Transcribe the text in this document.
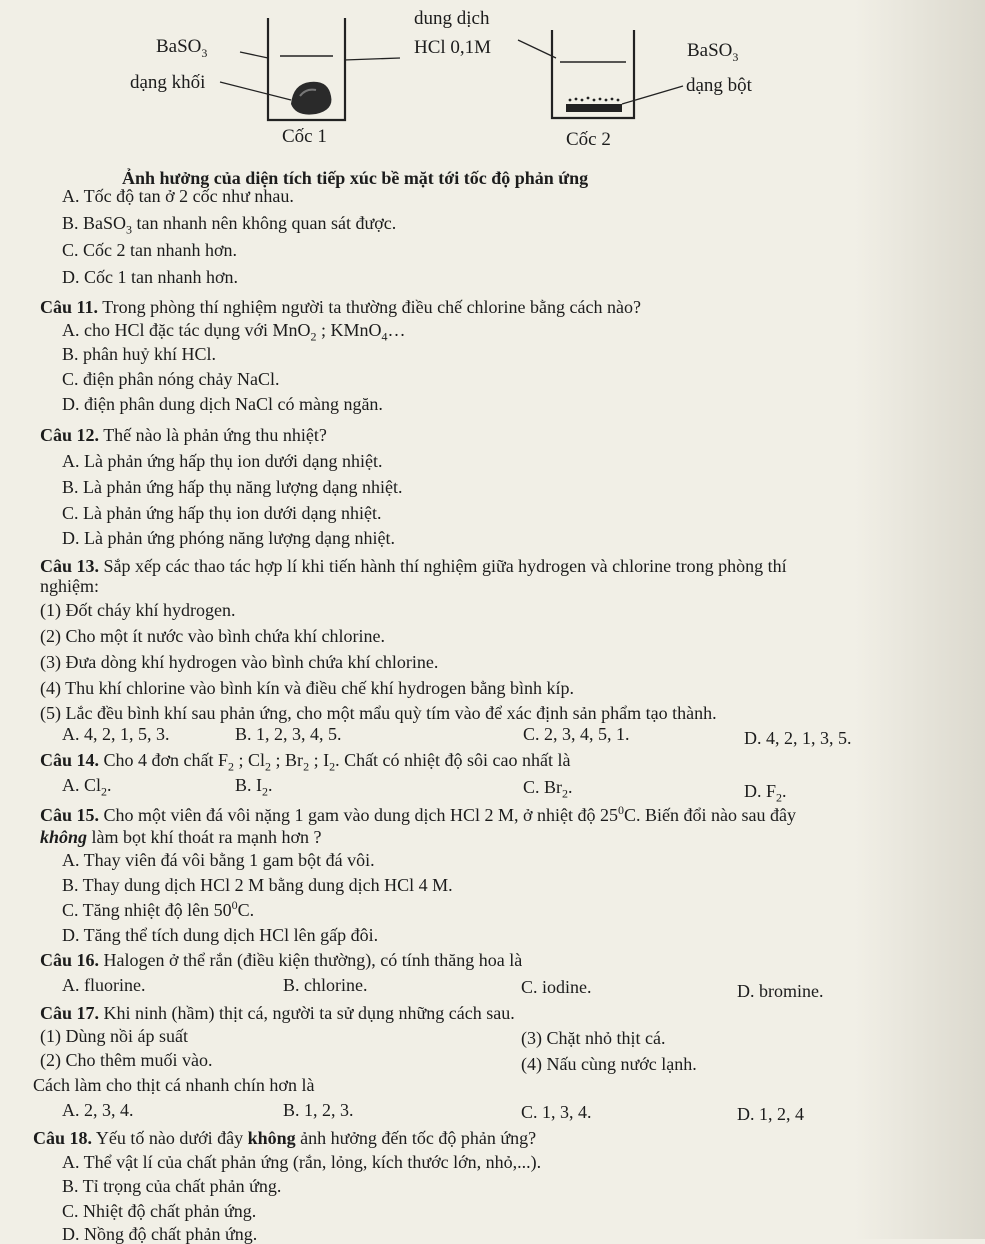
BaSO$_3$
dạng khối
Cốc 1
dung dịch
HCl 0,1M	BaSO$_3$
dạng bột
Cốc 2
Ảnh hưởng của diện tích tiếp xúc bề mặt tới tốc độ phản ứng
A. Tốc độ tan ở 2 cốc như nhau.
B. BaSO$_3$ tan nhanh nên không quan sát được.
C. Cốc 2 tan nhanh hơn.
D. Cốc 1 tan nhanh hơn.
Câu 11. Trong phòng thí nghiệm người ta thường điều chế chlorine bằng cách nào?
A. cho HCl đặc tác dụng với MnO$_2$ ; KMnO$_4$…
B. phân huỷ khí HCl.
C. điện phân nóng chảy NaCl.
D. điện phân dung dịch NaCl có màng ngăn.
Câu 12. Thế nào là phản ứng thu nhiệt?
A. Là phản ứng hấp thụ ion dưới dạng nhiệt.
B. Là phản ứng hấp thụ năng lượng dạng nhiệt.
C. Là phản ứng hấp thụ ion dưới dạng nhiệt.
D. Là phản ứng phóng năng lượng dạng nhiệt.
Câu 13. Sắp xếp các thao tác hợp lí khi tiến hành thí nghiệm giữa hydrogen và chlorine trong phòng thí
nghiệm:
(1) Đốt cháy khí hydrogen.
(2) Cho một ít nước vào bình chứa khí chlorine.
(3) Đưa dòng khí hydrogen vào bình chứa khí chlorine.
(4) Thu khí chlorine vào bình kín và điều chế khí hydrogen bằng bình kíp.
(5) Lắc đều bình khí sau phản ứng, cho một mẩu quỳ tím vào để xác định sản phẩm tạo thành.
A. 4, 2, 1, 5, 3.	B. 1, 2, 3, 4, 5.	C. 2, 3, 4, 5, 1.	D. 4, 2, 1, 3, 5.
Câu 14. Cho 4 đơn chất $F_2$ ; $Cl_2$ ; $Br_2$ ; $I_2$. Chất có nhiệt độ sôi cao nhất là
A. $Cl_2$.	B. $I_2$.	C. $Br_2$.	D. $F_2$.
Câu 15. Cho một viên đá vôi nặng 1 gam vào dung dịch HCl 2 M, ở nhiệt độ $25^0C$. Biến đổi nào sau đây
không làm bọt khí thoát ra mạnh hơn ?
A. Thay viên đá vôi bằng 1 gam bột đá vôi.
B. Thay dung dịch HCl 2 M bằng dung dịch HCl 4 M.
C. Tăng nhiệt độ lên $50^0C$.
D. Tăng thể tích dung dịch HCl lên gấp đôi.
Câu 16. Halogen ở thể rắn (điều kiện thường), có tính thăng hoa là
A. fluorine.	B. chlorine.	C. iodine.	D. bromine.
Câu 17. Khi ninh (hầm) thịt cá, người ta sử dụng những cách sau.
(1) Dùng nồi áp suất	(3) Chặt nhỏ thịt cá.
(2) Cho thêm muối vào.	(4) Nấu cùng nước lạnh.
Cách làm cho thịt cá nhanh chín hơn là
A. 2, 3, 4.	B. 1, 2, 3.	C. 1, 3, 4.	D. 1, 2, 4
Câu 18. Yếu tố nào dưới đây không ảnh hưởng đến tốc độ phản ứng?
A. Thể vật lí của chất phản ứng (rắn, lỏng, kích thước lớn, nhỏ,...).
B. Tỉ trọng của chất phản ứng.
C. Nhiệt độ chất phản ứng.
D. Nồng độ chất phản ứng.
